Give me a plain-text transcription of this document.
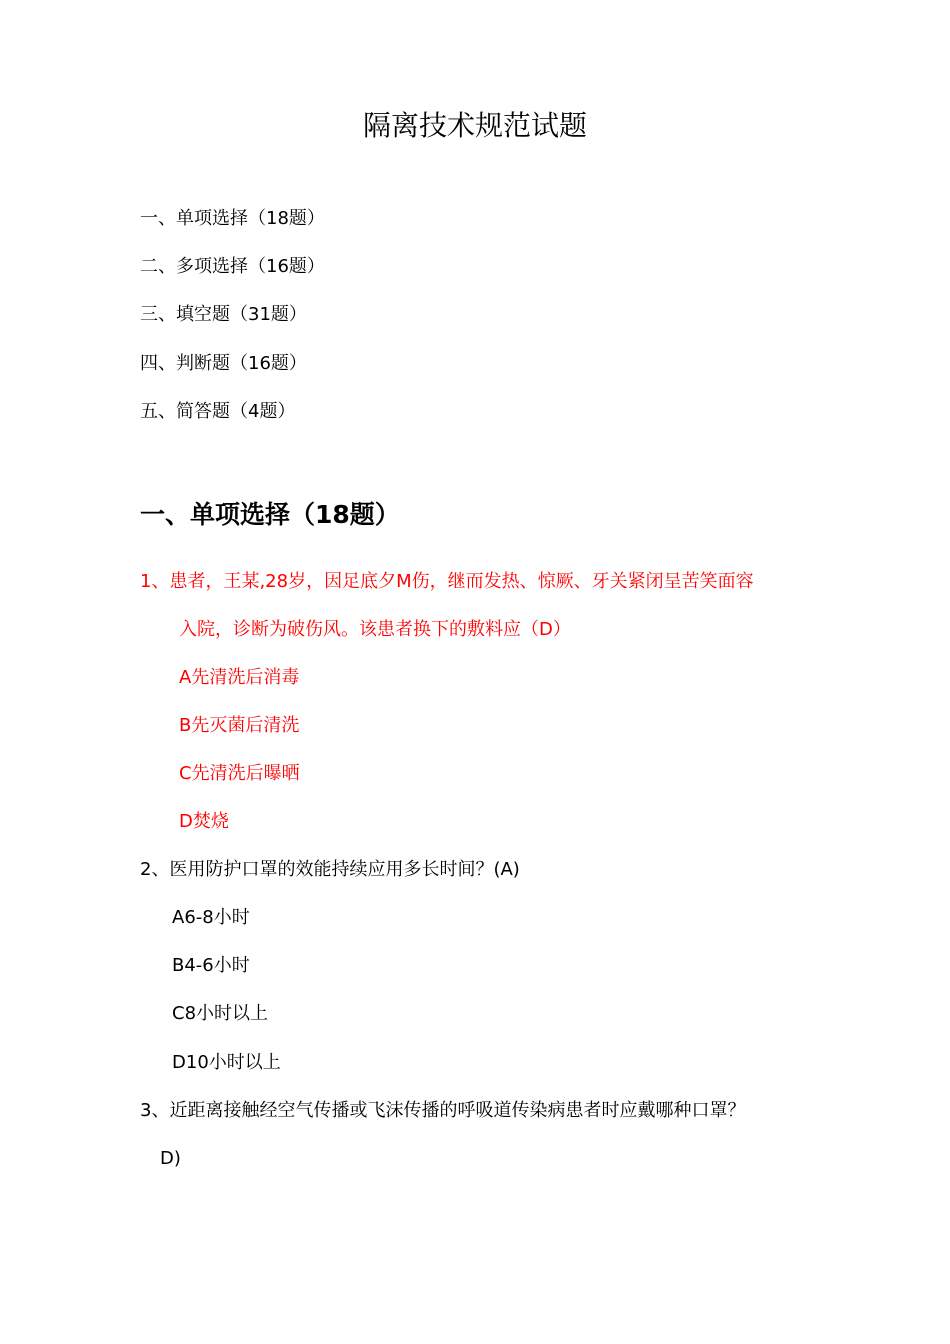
隔离技术规范试题
一、单项选择（18题）
二、多项选择（16题）
三、填空题（31题）
四、判断题（16题）
五、简答题（4题）
一、单项选择（18题）
1、患者，王某,28岁，因足底夕M伤，继而发热、惊厥、牙关紧闭呈苦笑面容
入院，诊断为破伤风。该患者换下的敷料应（D）
A先清洗后消毒
B先灭菌后清洗
C先清洗后曝晒
D焚烧
2、医用防护口罩的效能持续应用多长时间？(A)
A6-8小时
B4-6小时
C8小时以上
D10小时以上
3、近距离接触经空气传播或飞沫传播的呼吸道传染病患者时应戴哪种口罩？
D)
